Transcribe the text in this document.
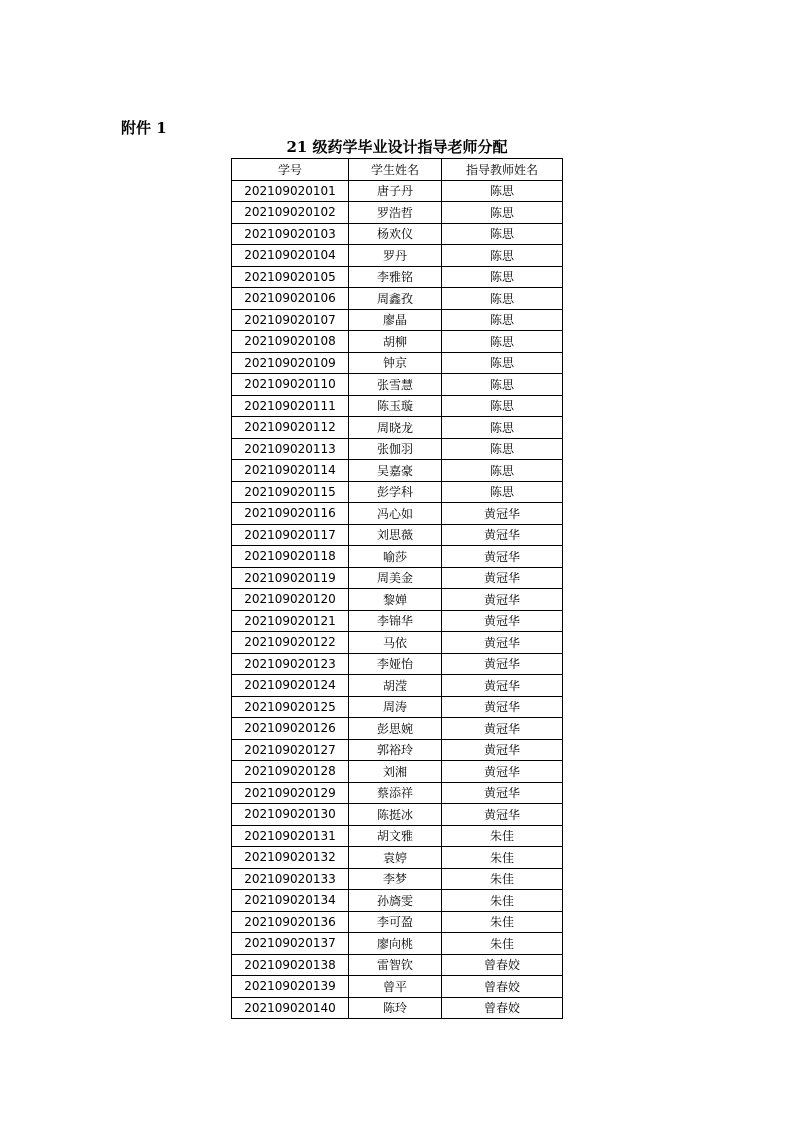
附件 1
21 级药学毕业设计指导老师分配
学号	学生姓名	指导教师姓名
202109020101	唐子丹	陈思
202109020102	罗浩哲	陈思
202109020103	杨欢仪	陈思
202109020104	罗丹	陈思
202109020105	李雅铭	陈思
202109020106	周鑫孜	陈思
202109020107	廖晶	陈思
202109020108	胡柳	陈思
202109020109	钟京	陈思
202109020110	张雪慧	陈思
202109020111	陈玉璇	陈思
202109020112	周晓龙	陈思
202109020113	张伽羽	陈思
202109020114	吴嘉豪	陈思
202109020115	彭学科	陈思
202109020116	冯心如	黄冠华
202109020117	刘思薇	黄冠华
202109020118	喻莎	黄冠华
202109020119	周美金	黄冠华
202109020120	黎婵	黄冠华
202109020121	李锦华	黄冠华
202109020122	马依	黄冠华
202109020123	李娅怡	黄冠华
202109020124	胡滢	黄冠华
202109020125	周涛	黄冠华
202109020126	彭思婉	黄冠华
202109020127	郭裕玲	黄冠华
202109020128	刘湘	黄冠华
202109020129	蔡添祥	黄冠华
202109020130	陈挺冰	黄冠华
202109020131	胡文雅	朱佳
202109020132	袁婷	朱佳
202109020133	李梦	朱佳
202109020134	孙旖雯	朱佳
202109020136	李可盈	朱佳
202109020137	廖向桃	朱佳
202109020138	雷智钦	曾春姣
202109020139	曾平	曾春姣
202109020140	陈玲	曾春姣
